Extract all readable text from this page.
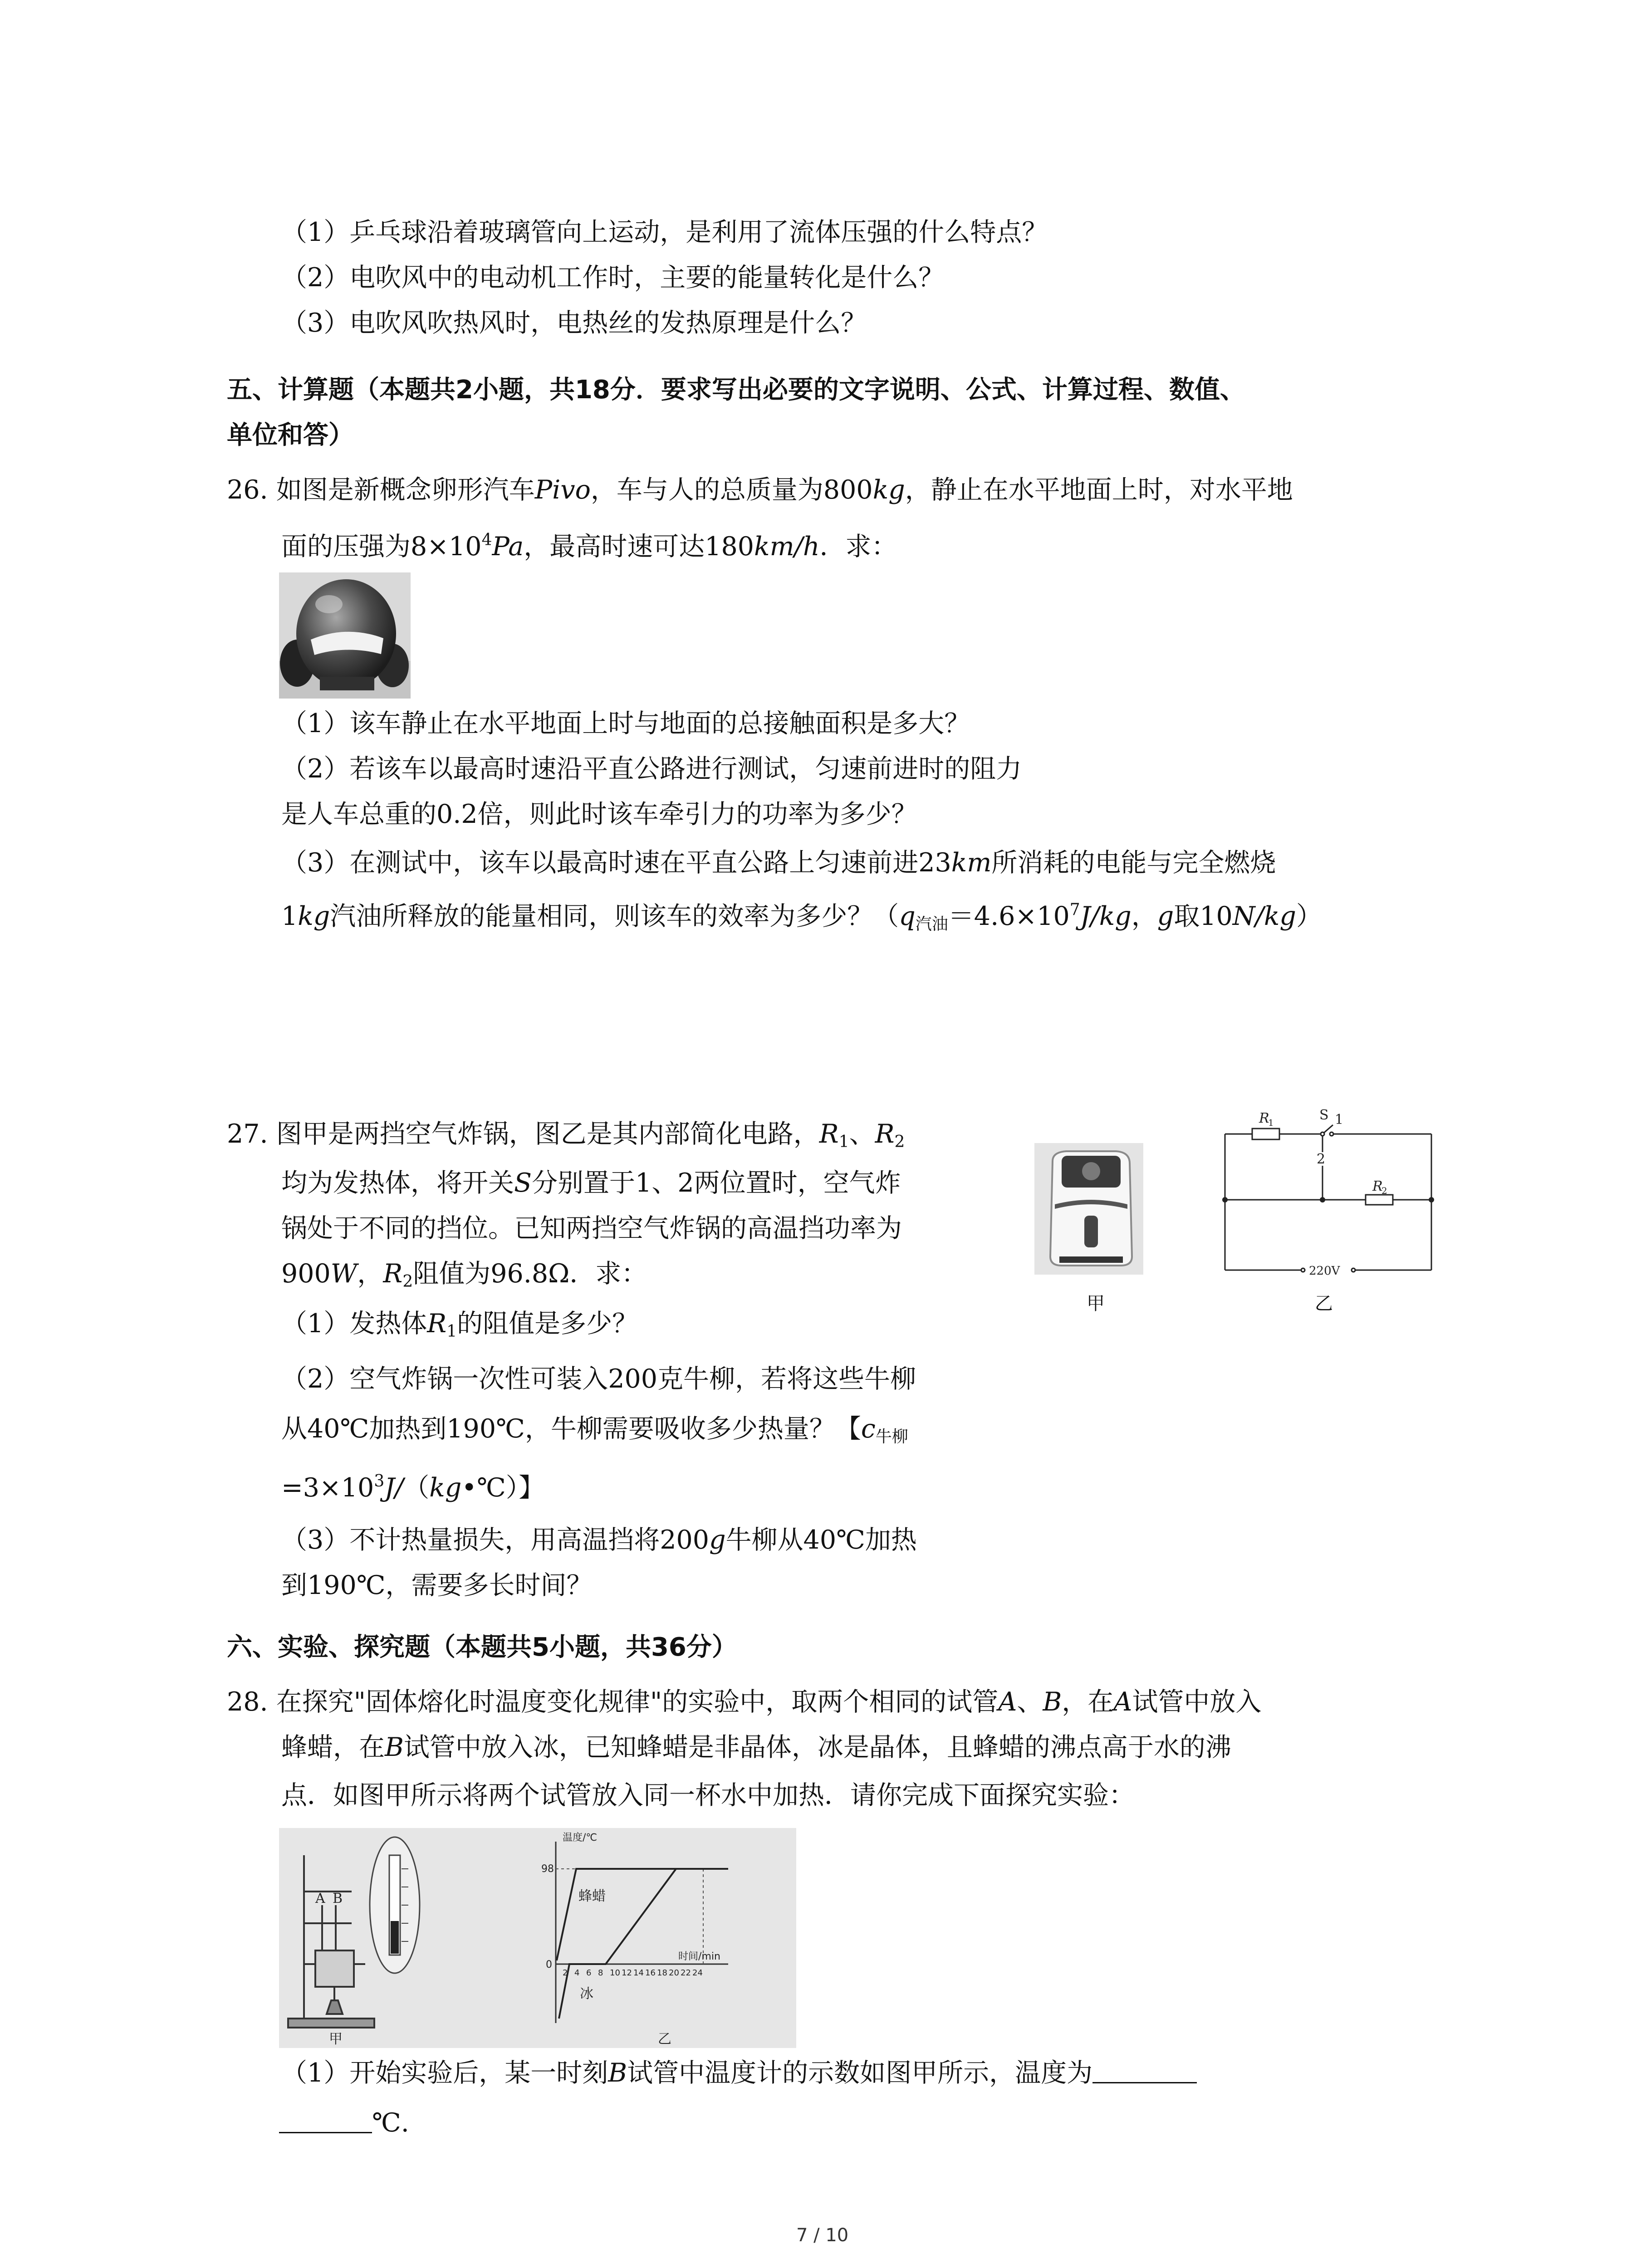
（1）乒乓球沿着玻璃管向上运动，是利用了流体压强的什么特点？
（2）电吹风中的电动机工作时，主要的能量转化是什么？
（3）电吹风吹热风时，电热丝的发热原理是什么？
五、计算题（本题共2小题，共18分．要求写出必要的文字说明、公式、计算过程、数值、
单位和答）
26. 如图是新概念卵形汽车Pivo，车与人的总质量为800kg，静止在水平地面上时，对水平地
面的压强为$8\times 10^4Pa$，最高时速可达180km/h．求：
（1）该车静止在水平地面上时与地面的总接触面积是多大？
（2）若该车以最高时速沿平直公路进行测试，匀速前进时的阻力
是人车总重的0.2倍，则此时该车牵引力的功率为多少？
（3）在测试中，该车以最高时速在平直公路上匀速前进23km所消耗的电能与完全燃烧
1kg汽油所释放的能量相同，则该车的效率为多少？（$q_{汽油}=4.6\times 10^7J/kg$，g取10N/kg）
27. 图甲是两挡空气炸锅，图乙是其内部简化电路，$R_1$、$R_2$
均为发热体，将开关S分别置于1、2两位置时，空气炸
锅处于不同的挡位。已知两挡空气炸锅的高温挡功率为
900W，$R_2$阻值为96.8Ω．求：
甲
R
1	S 1
2
R
2
220V
乙
（1）发热体$R_1$的阻值是多少？
（2）空气炸锅一次性可装入200克牛柳，若将这些牛柳
从40℃加热到190℃，牛柳需要吸收多少热量？【$c_{牛柳}$
$=3\times 10^3J/(kg•℃)$】
（3）不计热量损失，用高温挡将200g牛柳从40℃加热
到190℃，需要多长时间？
六、实验、探究题（本题共5小题，共36分）
28. 在探究"固体熔化时温度变化规律"的实验中，取两个相同的试管A、B，在A试管中放入
蜂蜡，在B试管中放入冰，已知蜂蜡是非晶体，冰是晶体，且蜂蜡的沸点高于水的沸
点．如图甲所示将两个试管放入同一杯水中加热．请你完成下面探究实验：
A B
甲	乙
温度/℃
时间/min
98
0
蜂蜡
冰
2 4 6 8 10 12 14 16 18 20 22 24
（1）开始实验后，某一时刻B试管中温度计的示数如图甲所示，温度为
℃.
7 / 10
